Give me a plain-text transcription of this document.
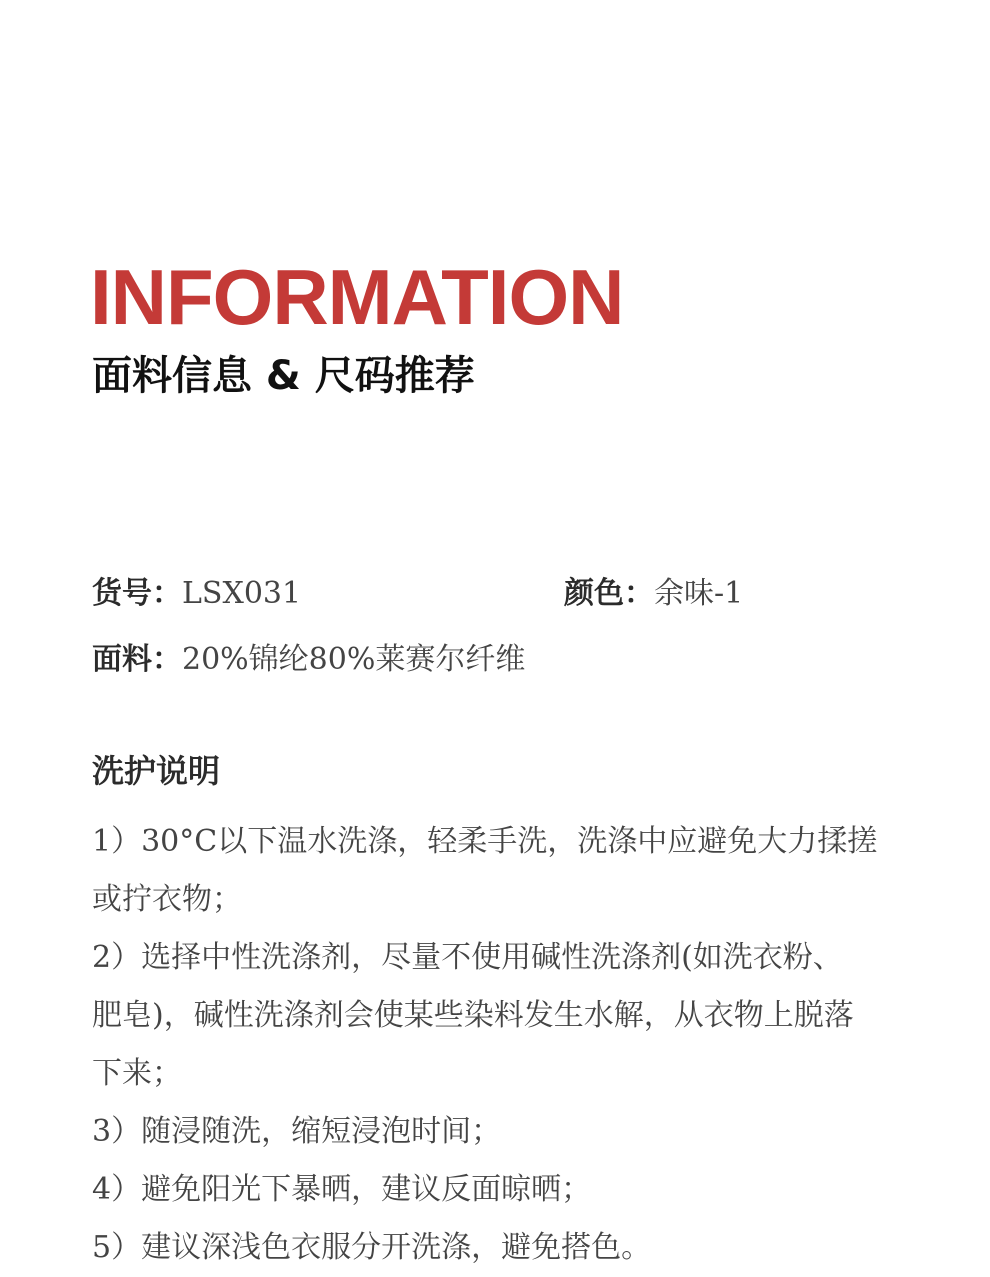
INFORMATION
面料信息 & 尺码推荐
货号：LSX031	颜色：余味-1
面料：20%锦纶80%莱赛尔纤维
洗护说明
1）30°C以下温水洗涤，轻柔手洗，洗涤中应避免大力揉搓或拧衣物；
2）选择中性洗涤剂，尽量不使用碱性洗涤剂(如洗衣粉、 肥皂)，碱性洗涤剂会使某些染料发生水解，从衣物上脱落下来；
3）随浸随洗，缩短浸泡时间；
4）避免阳光下暴晒，建议反面晾晒；
5）建议深浅色衣服分开洗涤，避免搭色。
